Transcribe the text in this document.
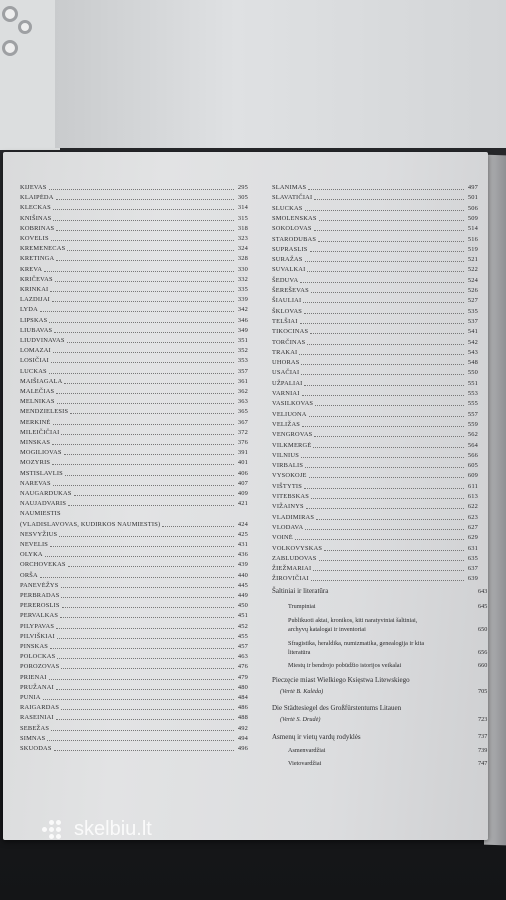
KIJEVAS	295
KLAIPĖDA	305
KLECKAS	314
KNIŠINAS	315
KOBRINAS	318
KOVELIS	323
KREMENECAS	324
KRETINGA	328
KREVA	330
KRIČEVAS	332
KRINKAI	335
LAZDIJAI	339
LYDA	342
LIPSKAS	346
LIUBAVAS	349
LIUDVINAVAS	351
LOMAZAI	352
LOSIČIAI	353
LUCKAS	357
MAIŠIAGALA	361
MALEČIAS	362
MELNIKAS	363
MENDZIELESIS	365
MERKINĖ	367
MILEIČIČIAI	372
MINSKAS	376
MOGILIOVAS	391
MOZYRIS	401
MSTISLAVLIS	406
NAREVAS	407
NAUGARDUKAS	409
NAUJADVARIS	421
NAUMIESTIS
(VLADISLAVOVAS, KUDIRKOS NAUMIESTIS)	424
NESVYŽIUS	425
NEVELIS	431
OLYKA	436
ORCHOVEKAS	439
ORŠA	440
PANEVĖŽYS	445
PERBRADAS	449
PEREROSLIS	450
PERVALKAS	451
PILYPAVAS	452
PILVIŠKIAI	455
PINSKAS	457
POLOCKAS	463
POROZOVAS	476
PRIENAI	479
PRUŽANAI	480
PUNIA	484
RAIGARDAS	486
RASEINIAI	488
SEBEŽAS	492
SIMNAS	494
SKUODAS	496
SLANIMAS	497
SLAVATIČIAI	501
SLUCKAS	506
SMOLENSKAS	509
SOKOLOVAS	514
STARODUBAS	516
SUPRASLIS	519
SURAŽAS	521
SUVALKAI	522
ŠEDUVA	524
ŠEREŠEVAS	526
ŠIAULIAI	527
ŠKLOVAS	535
TELŠIAI	537
TIKOCINAS	541
TORČINAS	542
TRAKAI	543
UHORAS	548
USAČIAI	550
UŽPALIAI	551
VARNIAI	553
VASILKOVAS	555
VELIUONA	557
VELIŽAS	559
VENGROVAS	562
VILKMERGĖ	564
VILNIUS	566
VIRBALIS	605
VYSOKOJE	609
VIŠTYTIS	611
VITEBSKAS	613
VIŽAINYS	622
VLADIMIRAS	623
VLODAVA	627
VOINĖ	629
VOLKOVYSKAS	631
ZABLUDOVAS	635
ŽIEŽMARIAI	637
ŽIROVIČIAI	639
Šaltiniai ir literatūra	643
Trumpiniai	645
Publikuoti aktai, kronikos, kiti naratyviniai šaltiniai,
archyvų katalogai ir inventoriai	650
Sfragistika, heraldika, numizmatika, genealogija ir kita
literatūra	656
Miestų ir bendrojo pobūdžio istorijos veikalai	660
Pieczęcie miast Wielkiego Księstwa Litewskiego
(Vertė B. Kalėda)	705
Die Städtesiegel des Großfürstentums Litauen
(Vertė S. Drudė)	723
Asmenų ir vietų vardų rodyklės	737
Asmenvardžiai	739
Vietovardžiai	747
skelbiu.lt
